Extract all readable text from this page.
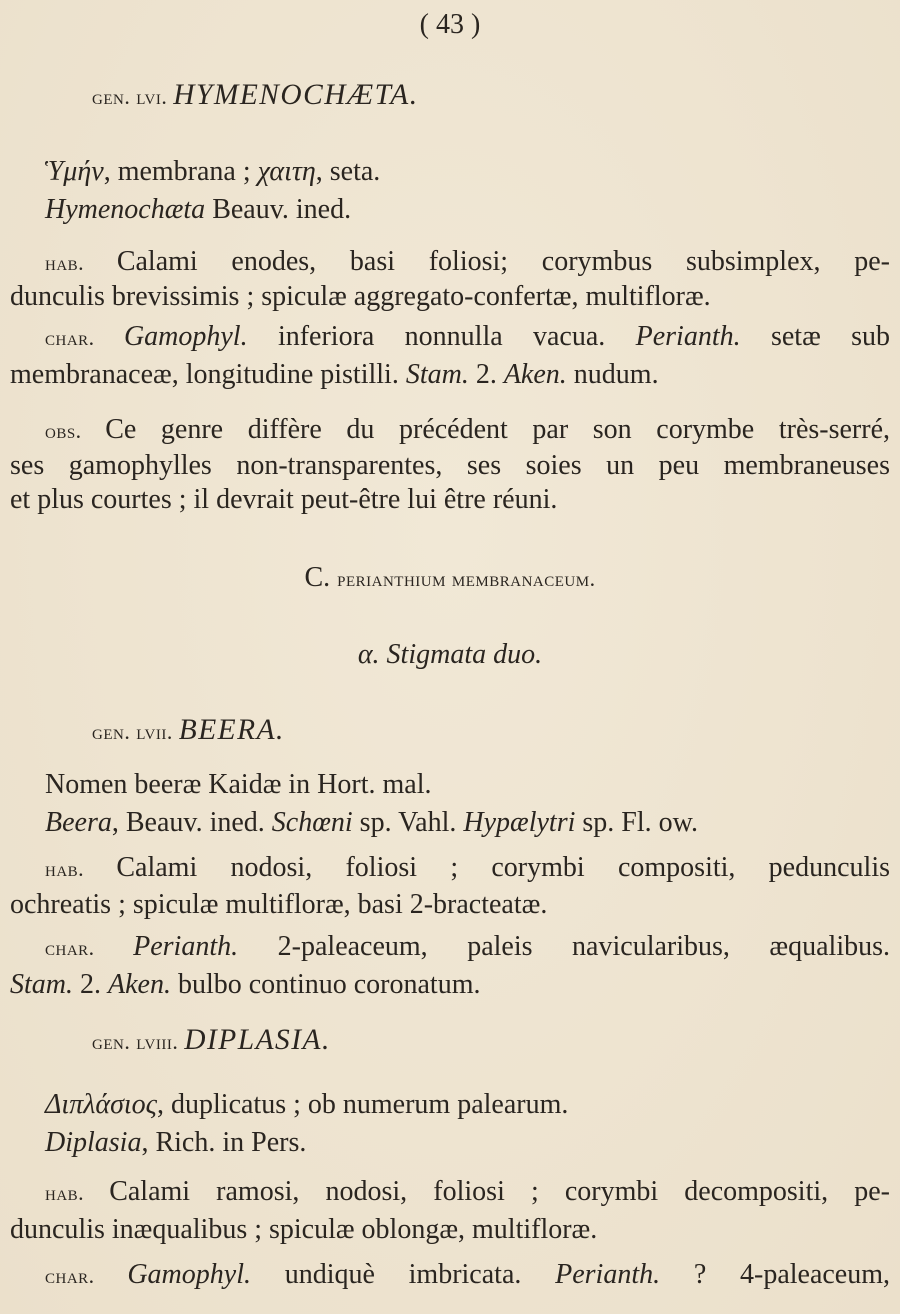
( 43 )
gen. lvi. HYMENOCHÆTA.
Ὑμήν, membrana ; χαιτη, seta.
Hymenochæta Beauv. ined.
hab. Calami enodes, basi foliosi; corymbus subsimplex, pe-
dunculis brevissimis ; spiculæ aggregato-confertæ, multifloræ.
char. Gamophyl. inferiora nonnulla vacua. Perianth. setæ sub
membranaceæ, longitudine pistilli. Stam. 2. Aken. nudum.
obs. Ce genre diffère du précédent par son corymbe très-serré,
ses gamophylles non-transparentes, ses soies un peu membraneuses
et plus courtes ; il devrait peut-être lui être réuni.
C. perianthium membranaceum.
α. Stigmata duo.
gen. lvii. BEERA.
Nomen beeræ Kaidæ in Hort. mal.
Beera, Beauv. ined. Schœni sp. Vahl. Hypælytri sp. Fl. ow.
hab. Calami nodosi, foliosi ; corymbi compositi, pedunculis
ochreatis ; spiculæ multifloræ, basi 2-bracteatæ.
char. Perianth. 2-paleaceum, paleis navicularibus, æqualibus.
Stam. 2. Aken. bulbo continuo coronatum.
gen. lviii. DIPLASIA.
Διπλάσιος, duplicatus ; ob numerum palearum.
Diplasia, Rich. in Pers.
hab. Calami ramosi, nodosi, foliosi ; corymbi decompositi, pe-
dunculis inæqualibus ; spiculæ oblongæ, multifloræ.
char. Gamophyl. undiquè imbricata. Perianth. ? 4-paleaceum,
